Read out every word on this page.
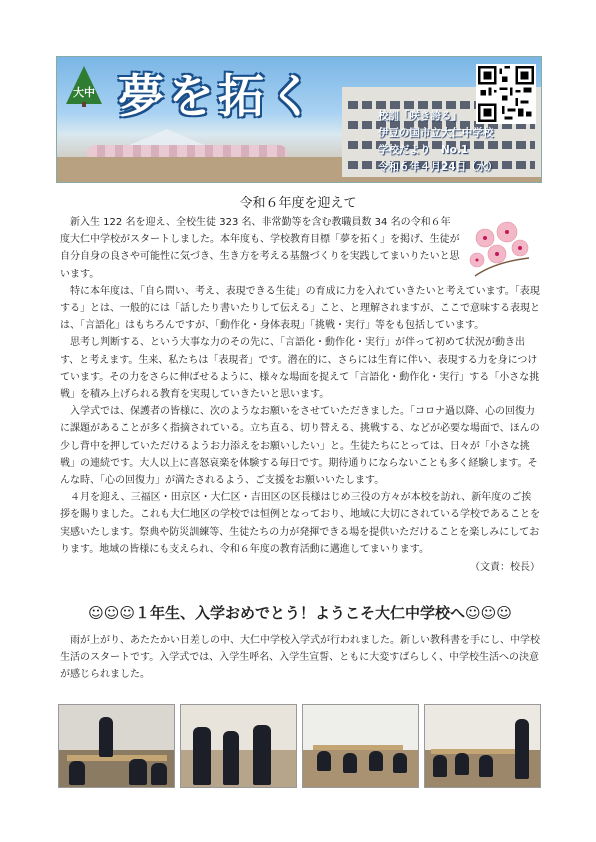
大中 夢を拓く	校訓「咲き誇る」
伊豆の国市立大仁中学校
学校だより　No.1
令和６年４月24日（水）
令和６年度を迎えて

新入生 122 名を迎え、全校生徒 323 名、非常勤等を含む教職員数 34 名の令和６年度大仁中学校がスタートしました。本年度も、学校教育目標「夢を拓く」を掲げ、生徒が自分自身の良さや可能性に気づき、生き方を考える基盤づくりを実践してまいりたいと思います。

特に本年度は、「自ら問い、考え、表現できる生徒」の育成に力を入れていきたいと考えています。「表現する」とは、一般的には「話したり書いたりして伝える」こと、と理解されますが、ここで意味する表現とは、「言語化」はもちろんですが、「動作化・身体表現」「挑戦・実行」等をも包括しています。

思考し判断する、という大事な力のその先に、「言語化・動作化・実行」が伴って初めて状況が動き出す、と考えます。生来、私たちは「表現者」です。潜在的に、さらには生育に伴い、表現する力を身につけています。その力をさらに伸ばせるように、様々な場面を捉えて「言語化・動作化・実行」する「小さな挑戦」を積み上げられる教育を実現していきたいと思います。

入学式では、保護者の皆様に、次のようなお願いをさせていただきました。「コロナ過以降、心の回復力に課題があることが多く指摘されている。立ち直る、切り替える、挑戦する、などが必要な場面で、ほんの少し背中を押していただけるようお力添えをお願いしたい」と。生徒たちにとっては、日々が「小さな挑戦」の連続です。大人以上に喜怒哀楽を体験する毎日です。期待通りにならないことも多く経験します。そんな時、「心の回復力」が満たされるよう、ご支援をお願いいたします。

４月を迎え、三福区・田京区・大仁区・吉田区の区長様はじめ三役の方々が本校を訪れ、新年度のご挨拶を賜りました。これも大仁地区の学校では恒例となっており、地域に大切にされている学校であることを実感いたします。祭典や防災訓練等、生徒たちの力が発揮できる場を提供いただけることを楽しみにしております。地域の皆様にも支えられ、令和６年度の教育活動に邁進してまいります。

（文責：校長）
☺☺☺１年生、入学おめでとう！ようこそ大仁中学校へ☺☺☺

雨が上がり、あたたかい日差しの中、大仁中学校入学式が行われました。新しい教科書を手にし、中学校生活のスタートです。入学式では、入学生呼名、入学生宣誓、ともに大変すばらしく、中学校生活への決意が感じられました。
